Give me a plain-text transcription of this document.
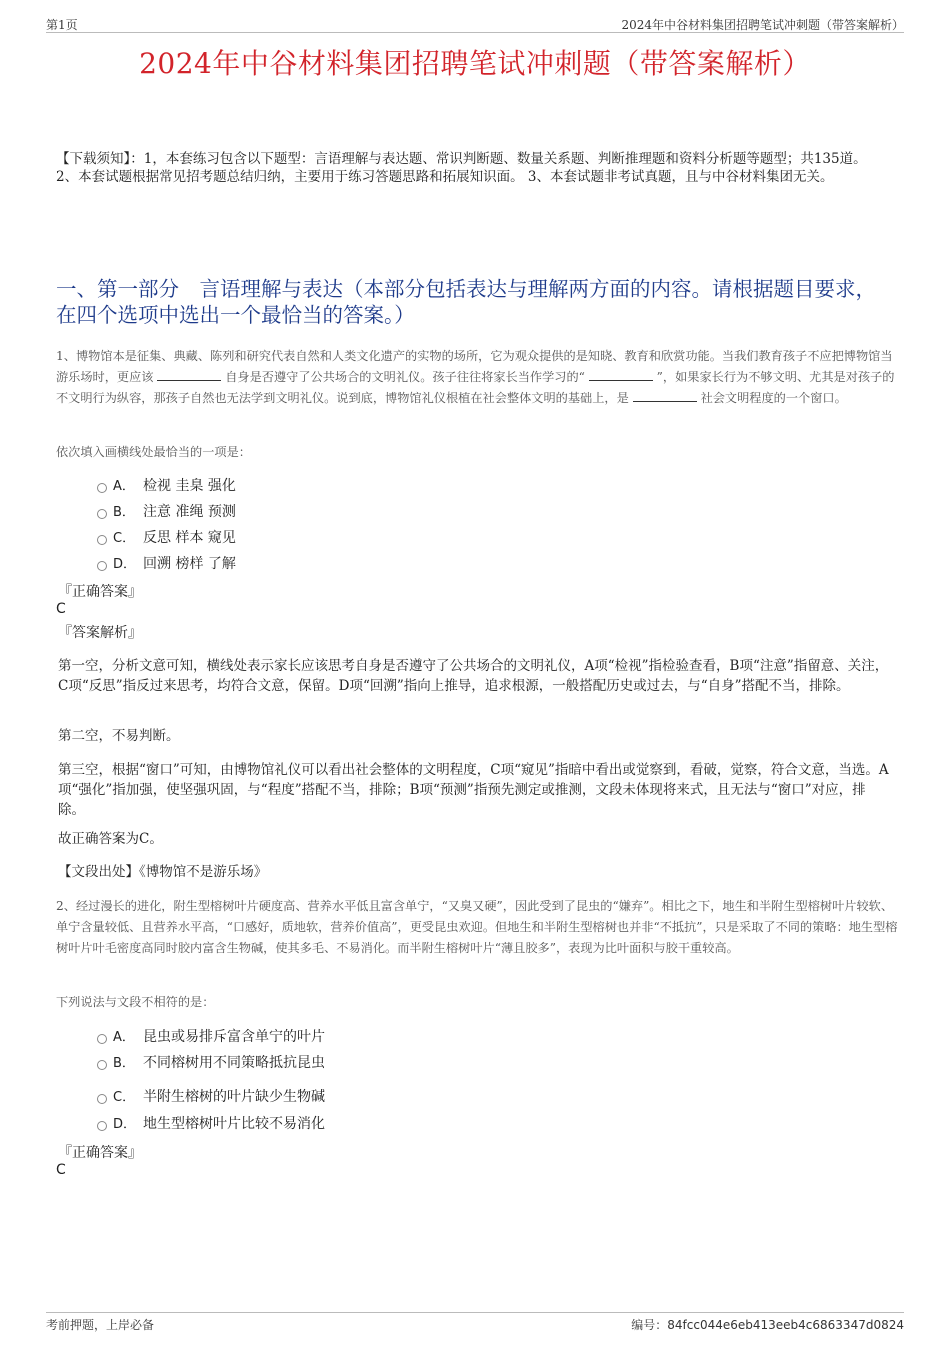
第1页	2024年中谷材料集团招聘笔试冲刺题（带答案解析）
2024年中谷材料集团招聘笔试冲刺题（带答案解析）
【下载须知】：1，本套练习包含以下题型：言语理解与表达题、常识判断题、数量关系题、判断推理题和资料分析题等题型；共135道。 2、本套试题根据常见招考题总结归纳，主要用于练习答题思路和拓展知识面。 3、本套试题非考试真题，且与中谷材料集团无关。
一、第一部分　言语理解与表达（本部分包括表达与理解两方面的内容。请根据题目要求，在四个选项中选出一个最恰当的答案。）
1、博物馆本是征集、典藏、陈列和研究代表自然和人类文化遗产的实物的场所，它为观众提供的是知晓、教育和欣赏功能。当我们教育孩子不应把博物馆当游乐场时，更应该	自身是否遵守了公共场合的文明礼仪。孩子往往将家长当作学习的“	”，如果家长行为不够文明、尤其是对孩子的不文明行为纵容，那孩子自然也无法学到文明礼仪。说到底，博物馆礼仪根植在社会整体文明的基础上，是	社会文明程度的一个窗口。
依次填入画横线处最恰当的一项是：
A． 检视 圭臬 强化
B． 注意 准绳 预测
C． 反思 样本 窥见
D． 回溯 榜样 了解
『正确答案』
C
『答案解析』
第一空，分析文意可知，横线处表示家长应该思考自身是否遵守了公共场合的文明礼仪，A项“检视”指检验查看，B项“注意”指留意、关注，C项“反思”指反过来思考，均符合文意，保留。D项“回溯”指向上推导，追求根源，一般搭配历史或过去，与“自身”搭配不当，排除。
第二空，不易判断。
第三空，根据“窗口”可知，由博物馆礼仪可以看出社会整体的文明程度，C项“窥见”指暗中看出或觉察到，看破，觉察，符合文意，当选。A项“强化”指加强，使坚强巩固，与“程度”搭配不当，排除；B项“预测”指预先测定或推测，文段未体现将来式，且无法与“窗口”对应，排除。
故正确答案为C。
【文段出处】《博物馆不是游乐场》
2、经过漫长的进化，附生型榕树叶片硬度高、营养水平低且富含单宁，“又臭又硬”，因此受到了昆虫的“嫌弃”。相比之下，地生和半附生型榕树叶片较软、单宁含量较低、且营养水平高，“口感好，质地软，营养价值高”，更受昆虫欢迎。但地生和半附生型榕树也并非“不抵抗”，只是采取了不同的策略：地生型榕树叶片叶毛密度高同时胶内富含生物碱，使其多毛、不易消化。而半附生榕树叶片“薄且胶多”，表现为比叶面积与胶干重较高。
下列说法与文段不相符的是：
A． 昆虫或易排斥富含单宁的叶片
B． 不同榕树用不同策略抵抗昆虫
C． 半附生榕树的叶片缺少生物碱
D． 地生型榕树叶片比较不易消化
『正确答案』
C
考前押题，上岸必备	编号：84fcc044e6eb413eeb4c6863347d0824
